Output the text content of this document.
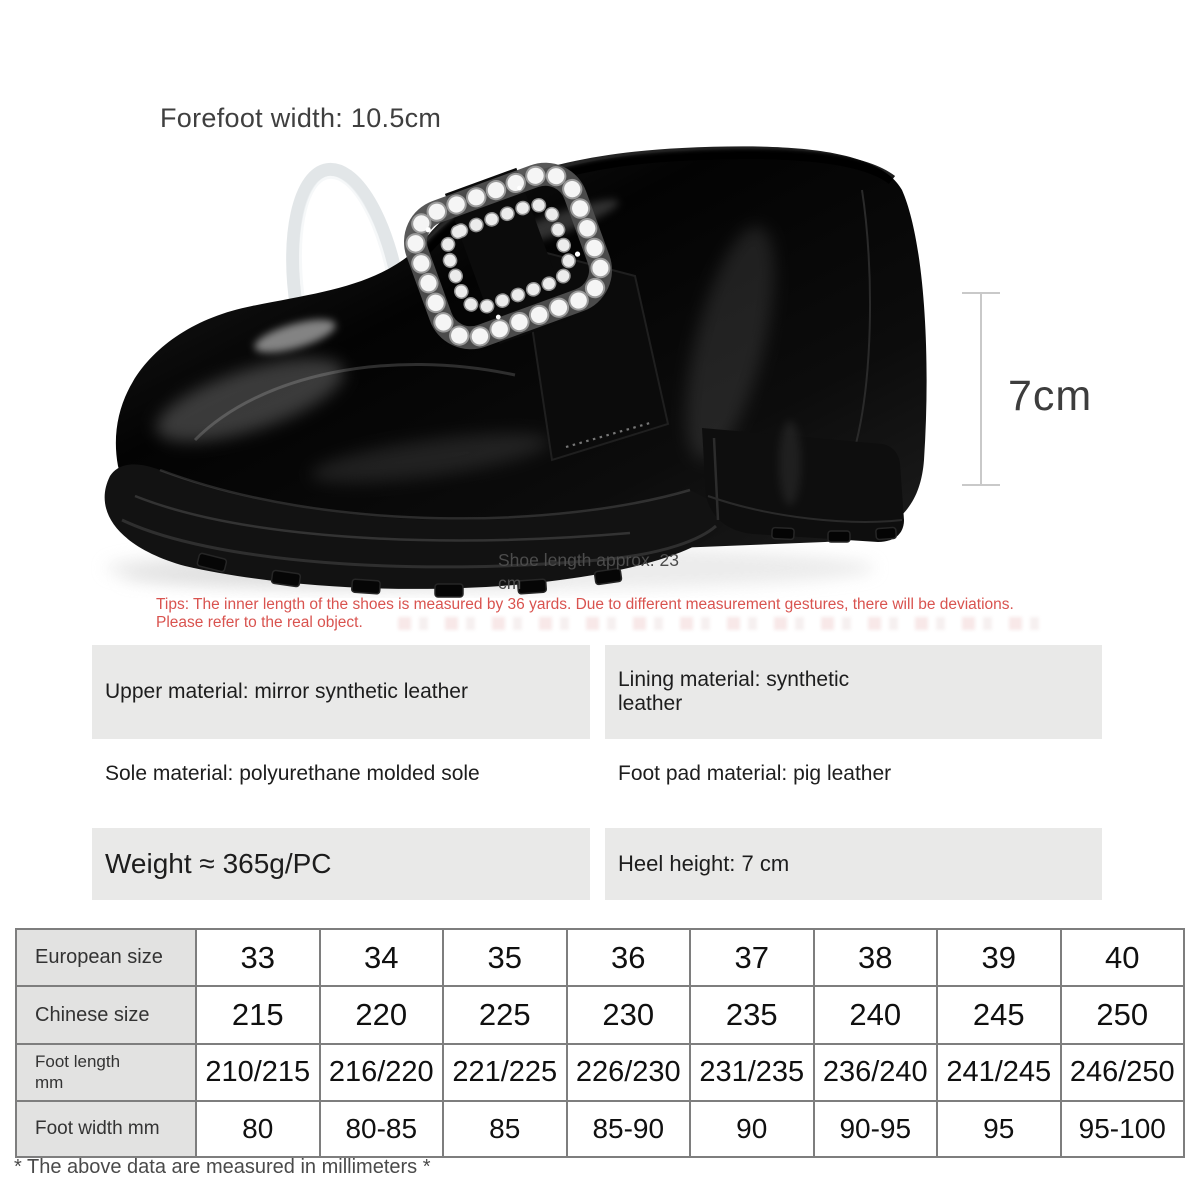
Forefoot width: 10.5cm
7cm
Shoe length approx. 23 cm
Tips: The inner length of the shoes is measured by 36 yards. Due to different measurement gestures, there will be deviations.
Please refer to the real object.
Upper material: mirror synthetic leather
Lining material: synthetic leather
Sole material: polyurethane molded sole	Foot pad material: pig leather
Weight ≈ 365g/PC	Heel height: 7 cm
European size	33	34	35	36	37	38	39	40
Chinese size	215	220	225	230	235	240	245	250
Foot length mm	210/215	216/220	221/225	226/230	231/235	236/240	241/245	246/250
Foot width mm	80	80-85	85	85-90	90	90-95	95	95-100
* The above data are measured in millimeters *
